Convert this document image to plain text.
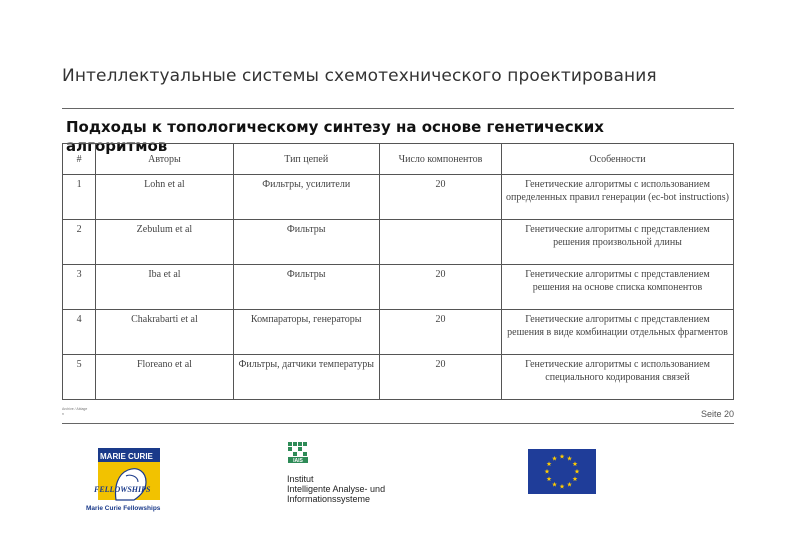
Интеллектуальные системы схемотехнического проектирования
Подходы к топологическому синтезу на основе генетических алгоритмов
#	Авторы	Тип цепей	Число компонентов	Особенности
1	Lohn et al	Фильтры, усилители	20	Генетические алгоритмы с использованием определенных правил генерации (ec-bot instructions)
2	Zebulum et al	Фильтры		Генетические алгоритмы с представлением решения произвольной длины
3	Iba et al	Фильтры	20	Генетические алгоритмы с представлением решения на основе списка компонентов
4	Chakrabarti et al	Компараторы, генераторы	20	Генетические алгоритмы с представлением решения в виде комбинации отдельных фрагментов
5	Floreano et al	Фильтры, датчики температуры	20	Генетические алгоритмы с использованием специального кодирования связей
Archive / Ablage
n	Seite 20
MARIE CURIE
FELLOWSHIPS
Marie Curie Fellowships
IAIS
Institut
Intelligente Analyse- und
Informationssysteme
